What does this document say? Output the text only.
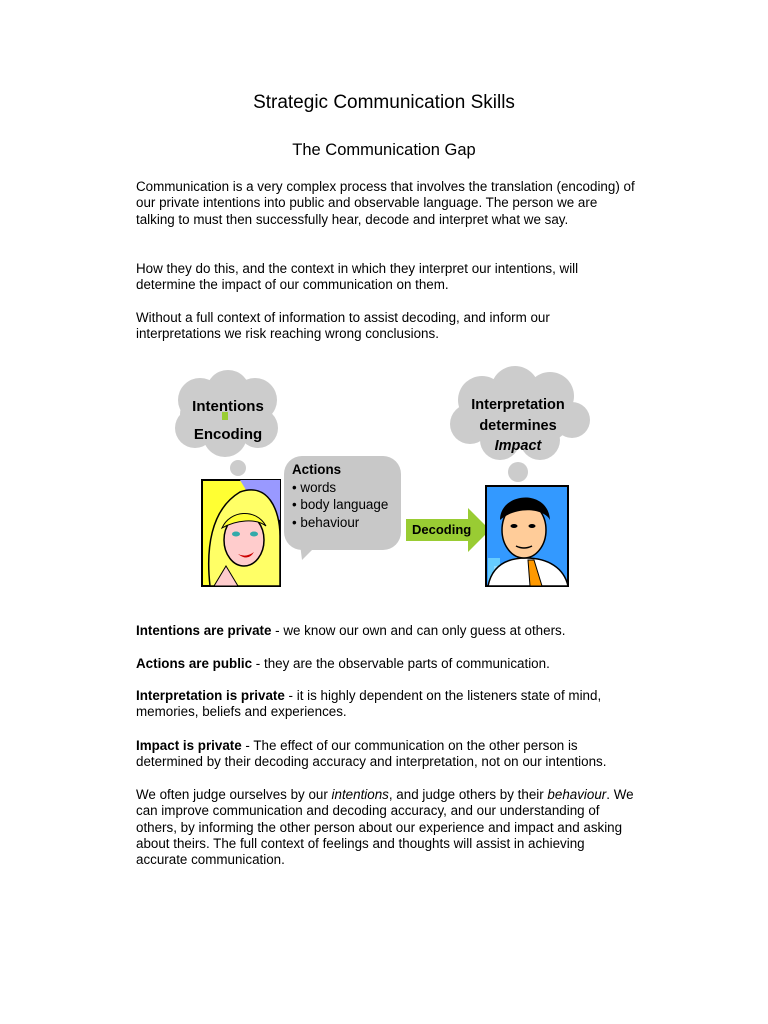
Strategic Communication Skills
The Communication Gap

Communication is a very complex process that involves the translation (encoding) of our private intentions into public and observable language. The person we are talking to must then successfully hear, decode and interpret what we say.

How they do this, and the context in which they interpret our intentions, will determine the impact of our communication on them.

Without a full context of information to assist decoding, and inform our interpretations we risk reaching wrong conclusions.

Intentions
Encoding
Interpretation
determines
Impact
Actions
• words
• body language
• behaviour	Decoding

Intentions are private - we know our own and can only guess at others.

Actions are public - they are the observable parts of communication.

Interpretation is private - it is highly dependent on the listeners state of mind, memories, beliefs and experiences.

Impact is private - The effect of our communication on the other person is determined by their decoding accuracy and interpretation, not on our intentions.

We often judge ourselves by our intentions, and judge others by their behaviour. We can improve communication and decoding accuracy, and our understanding of others, by informing the other person about our experience and impact and asking about theirs. The full context of feelings and thoughts will assist in achieving accurate communication.
